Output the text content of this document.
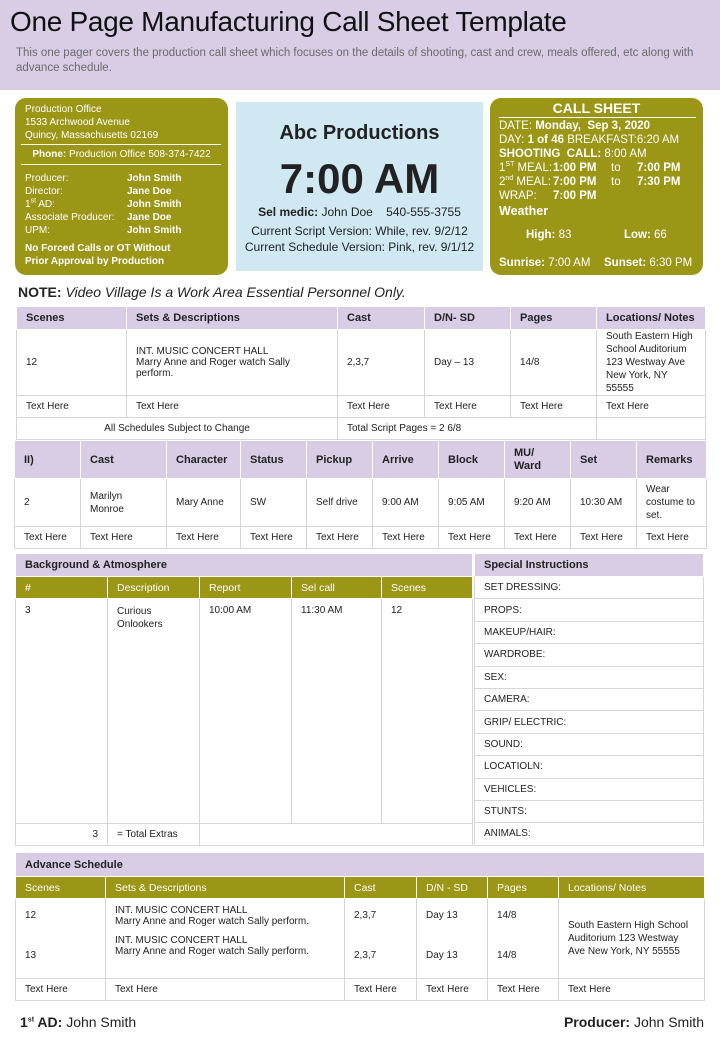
One Page Manufacturing Call Sheet Template
This one pager covers the production call sheet which focuses on the details of shooting, cast and crew, meals offered, etc along with advance schedule.
Production Office
1533 Archwood Avenue
Quincy, Massachusetts 02169
Phone: Production Office 508-374-7422
Producer:	John Smith
Director:	Jane Doe
1st AD:	John Smith
Associate Producer: Jane Doe
UPM:	John Smith
No Forced Calls or OT Without
Prior Approval by Production
Abc Productions
7:00 AM
Sel medic: John Doe    540-555-3755
Current Script Version: While, rev. 9/2/12
Current Schedule Version: Pink, rev. 9/1/12
CALL SHEET
DATE: Monday,  Sep 3, 2020
DAY: 1 of 46 BREAKFAST:6:20 AM
SHOOTING  CALL: 8:00 AM
1ST MEAL: 1:00 PM to 7:00 PM
2nd MEAL: 7:00 PM to 7:30 PM
WRAP: 7:00 PM
Weather
High: 83	Low: 66
Sunrise: 7:00 AM Sunset: 6:30 PM
NOTE: Video Village Is a Work Area Essential Personnel Only.
Scenes	Sets & Descriptions	Cast	D/N- SD	Pages	Locations/ Notes
12	INT. MUSIC CONCERT HALL
Marry Anne and Roger watch Sally perform.	2,3,7	Day – 13	14/8	South Eastern High School Auditorium 123 Westway Ave New York, NY 55555
Text Here	Text Here	Text Here	Text Here	Text Here	Text Here
All Schedules Subject to Change		Total Script Pages = 2 6/8			
II)	Cast	Character	Status	Pickup	Arrive	Block	MU/ Ward	Set	Remarks
2	Marilyn Monroe	Mary Anne	SW	Self drive	9:00 AM	9:05 AM	9:20 AM	10:30 AM	Wear costume to set.
Text Here	Text Here	Text Here	Text Here	Text Here	Text Here	Text Here	Text Here	Text Here	Text Here
Background & Atmosphere				
#	Description	Report	Sel call	Scenes
3	Curious Onlookers	10:00 AM	11:30 AM	12
3	= Total Extras			
Special Instructions
SET DRESSING:
PROPS:
MAKEUP/HAIR:
WARDROBE:
SEX:
CAMERA:
GRIP/ ELECTRIC:
SOUND:
LOCATIOLN:
VEHICLES:
STUNTS:
ANIMALS:
Advance Schedule					
Scenes	Sets & Descriptions	Cast	D/N - SD	Pages	Locations/ Notes
12	INT. MUSIC CONCERT HALL
Marry Anne and Roger watch Sally perform.	2,3,7	Day 13	14/8	South Eastern High School Auditorium 123 Westway Ave New York, NY 55555
13	INT. MUSIC CONCERT HALL
Marry Anne and Roger watch Sally perform.	2,3,7	Day 13	14/8	
Text Here	Text Here	Text Here	Text Here	Text Here	Text Here
1st AD: John Smith	Producer: John Smith
